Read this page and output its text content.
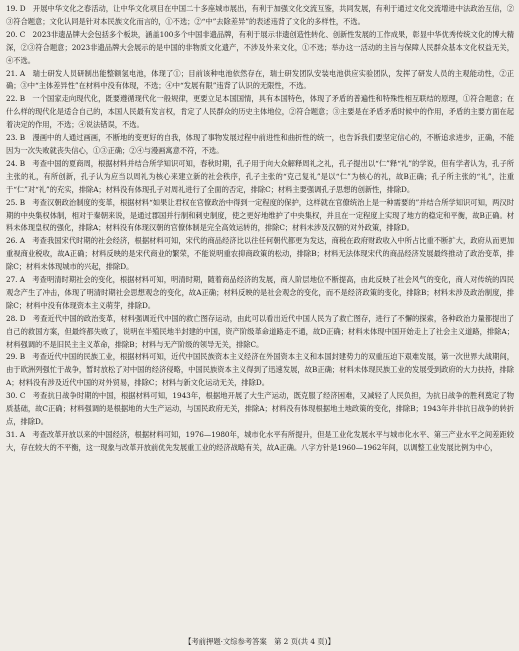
19. D　开展中华文化之春活动，让中华文化项目在中国二十多座城市展出，有利于加强文化交流互鉴，共同发展，有利于通过文化交流增进中法政治互信，②③符合题意；文化认同是针对本民族文化而言的，①不选；②“中”去除差异”的表述违背了文化的多样性，不选。

20. C　2023非遗品牌大会包括多个板块，涵盖100多个中国非遗品牌，有利于展示非遗创造性转化、创新性发展的工作成果，彰显中华优秀传统文化的博大精深，②③符合题意；2023非遗品牌大会展示的是中国的非物质文化遗产，不涉及外来文化，①不选；举办这一活动的主旨与保障人民群众基本文化权益无关，④不选。

21. A　瑞士研发人员研制出能整额氢电池，体现了①；目前该种电池依然存在，瑞士研发团队安装电池供应实验团队，发挥了研发人员的主观能动性，②正确；③中“主体差异性”在材料中没有体现，不选；④中“发展有限”违背了认识的无限性，不选。

22. B　一个国家走向现代化，既要遵循现代化一般规律，更要立足本国国情，具有本国特色，体现了矛盾的普遍性和特殊性相互联结的原理，①符合题意；在什么样的现代化是适合自己的，本国人民最有发言权，肯定了人民群众的历史主体地位，②符合题意；③主要是在矛盾矛盾时候中的作用，矛盾的主要方面在起着决定的作用，不选；④说法错误，不选。

23. B　漫画中的人通过画画，不断地的变更好的自我，体现了事物发展过程中前进性和曲折性的统一，也告诉我们要坚定信心的，不断追求进步，正确，不能因为一次失败就丧失信心，①③正确；②④与漫画寓意不符，不选。

24. B　考查中国的夏商周，根据材料并结合所学知识可知，春秋时期，孔子用于向大众解释周礼之礼，孔子提出以“仁”释“礼”的学说，但有学者认为，孔子所主张的礼，有所创新，孔子认为应当以周礼为核心来建立新的社会秩序，孔子主张的“克己复礼”是以“仁”为核心的礼，故B正确；孔子所主张的“礼”，注重于“仁”对“礼”的充实，排除A；材料没有体现孔子对周礼进行了全面的否定，排除C；材料主要强调孔子思想的创新性，排除D。

25. B　考查汉朝政治制度的变革，根据材料“如果让君权在官僚政治中得到一定程度的保护，这样就在官僚统治上是一种需要的”并结合所学知识可知，两汉时期的中央集权体制，相对于秦朝来说，是通过郡国并行制和刺史制度，使之更好地维护了中央集权，并且在一定程度上实现了地方的稳定和平衡，故B正确。材料未体现皇权的强化，排除A；材料没有体现汉朝的官僚体制是完全高效运转的，排除C；材料未涉及汉朝的对外政策，排除D。

26. A　考查我国宋代时期的社会经济，根据材料可知，宋代的商品经济比以往任何朝代都更为发达，商税在政府财政收入中所占比重不断扩大，政府从而更加重视商业税收，故A正确；材料反映的是宋代商业的繁荣，不能说明重农抑商政策的松动，排除B；材料无法体现宋代的商品经济发展最终推动了政治变革，排除C；材料未体现城市的兴起，排除D。

27. A　考查明清时期社会的变化，根据材料可知，明清时期，随着商品经济的发展，商人阶层地位不断提高，由此反映了社会风气的变化，商人对传统的四民观念产生了冲击，体现了明清时期社会思想观念的变化，故A正确；材料反映的是社会观念的变化，而不是经济政策的变化，排除B；材料未涉及政治制度，排除C；材料中没有体现资本主义萌芽，排除D。

28. D　考查近代中国的政治变革，材料强调近代中国的救亡图存运动，由此可以看出近代中国人民为了救亡图存，进行了不懈的探索，各种政治力量都提出了自己的救国方案，但最终都失败了，说明在半殖民地半封建的中国，资产阶级革命道路走不通，故D正确；材料未体现中国开始走上了社会主义道路，排除A；材料强调的不是旧民主主义革命，排除B；材料与无产阶级的领导无关，排除C。

29. B　考查近代中国的民族工业，根据材料可知，近代中国民族资本主义经济在外国资本主义和本国封建势力的双重压迫下艰难发展，第一次世界大战期间，由于欧洲列强忙于战争，暂时放松了对中国的经济侵略，中国民族资本主义得到了迅速发展，故B正确；材料未体现民族工业的发展受到政府的大力扶持，排除A；材料没有涉及近代中国的对外贸易，排除C；材料与新文化运动无关，排除D。

30. C　考查抗日战争时期的中国，根据材料可知，1943年，根据地开展了大生产运动，既克服了经济困难，又减轻了人民负担，为抗日战争的胜利奠定了物质基础，故C正确；材料强调的是根据地的大生产运动，与国民政府无关，排除A；材料没有体现根据地土地政策的变化，排除B；1943年并非抗日战争的转折点，排除D。

31. A　考查改革开放以来的中国经济，根据材料可知，1976—1980年，城市化水平有所提升，但是工业化发展水平与城市化水平、第三产业水平之间差距较大，存在较大的不平衡，这一现象与改革开放前优先发展重工业的经济战略有关，故A正确。八字方针是1960—1962年间，以调整工业发展比例为中心，

【考前押题·文综参考答案　第 2 页(共 4 页)】
